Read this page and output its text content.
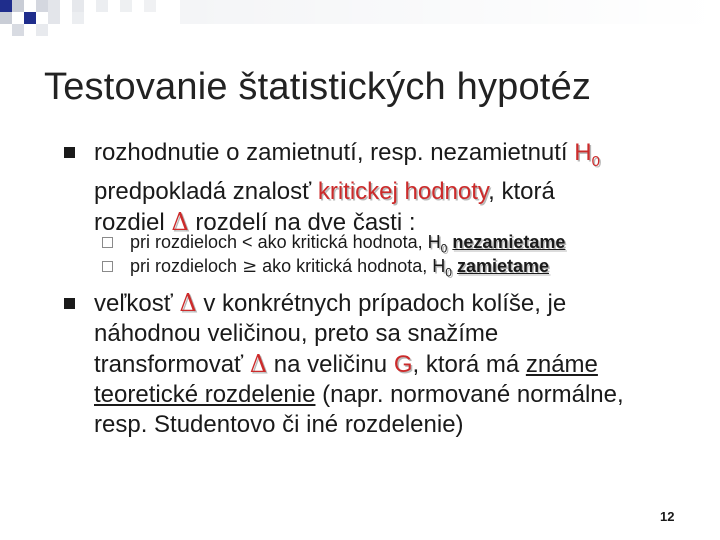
Testovanie štatistických hypotéz
rozhodnutie o zamietnutí, resp. nezamietnutí $H_0$
predpokladá znalosť kritickej hodnoty, ktorá
rozdiel Δ rozdelí na dve časti :
pri rozdieloch < ako kritická hodnota, $H_0$ nezamietame
pri rozdieloch ≥ ako kritická hodnota, $H_0$ zamietame
veľkosť Δ v konkrétnych prípadoch kolíše, je
náhodnou veličinou, preto sa snažíme
transformovať Δ na veličinu G, ktorá má známe
teoretické rozdelenie (napr. normované normálne,
resp. Studentovo či iné rozdelenie)
12
